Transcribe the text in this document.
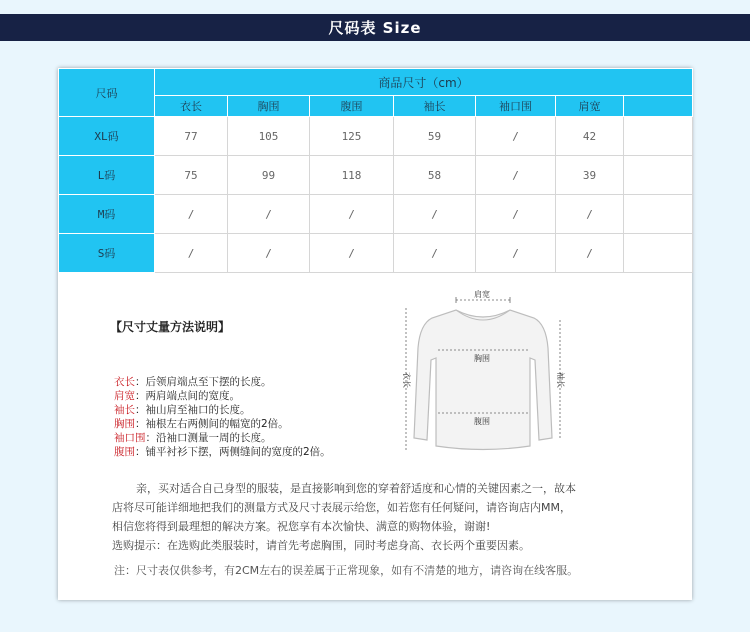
尺码表 Size
尺码	商品尺寸（cm）						
	衣长	胸围	腹围	袖长	袖口围	肩宽	
XL码	77	105	125	59	/	42	
L码	75	99	118	58	/	39	
M码	/	/	/	/	/	/	
S码	/	/	/	/	/	/	
【尺寸丈量方法说明】
衣长：后领肩端点至下摆的长度。
肩宽：两肩端点间的宽度。
袖长：袖山肩至袖口的长度。
胸围：袖根左右两侧间的幅宽的2倍。
袖口围：沿袖口测量一周的长度。
腹围：铺平衬衫下摆，两侧缝间的宽度的2倍。
肩宽
胸围
腹围
衣长	袖长

亲，买对适合自己身型的服装，是直接影响到您的穿着舒适度和心情的关键因素之一，故本

店将尽可能详细地把我们的测量方式及尺寸表展示给您，如若您有任何疑问，请咨询店内MM，

相信您将得到最理想的解决方案。祝您享有本次愉快、满意的购物体验，谢谢!

选购提示：在选购此类服装时，请首先考虑胸围，同时考虑身高、衣长两个重要因素。

注：尺寸表仅供参考，有2CM左右的误差属于正常现象，如有不清楚的地方，请咨询在线客服。
